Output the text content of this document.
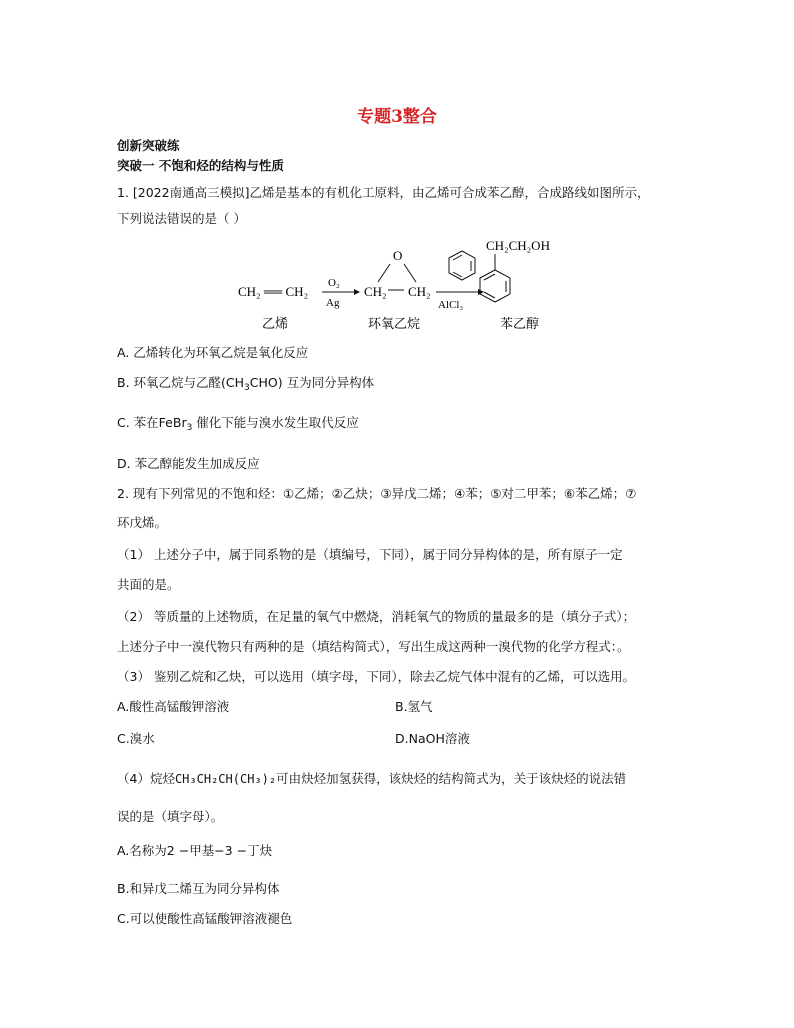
专题3整合
创新突破练
突破一 不饱和烃的结构与性质
1. [2022南通高三模拟]乙烯是基本的有机化工原料，由乙烯可合成苯乙醇，合成路线如图所示，
下列说法错误的是（ ）
CH₂ ══ CH₂
O₂
Ag
O
CH₂ CH₂
AlCl₃
CH₂CH₂OH
乙烯	环氧乙烷	苯乙醇
A. 乙烯转化为环氧乙烷是氧化反应
B. 环氧乙烷与乙醛$(CH_3CHO)$ 互为同分异构体
C. 苯在FeBr$_3$ 催化下能与溴水发生取代反应
D. 苯乙醇能发生加成反应
2. 现有下列常见的不饱和烃：①乙烯；②乙炔；③异戊二烯；④苯；⑤对二甲苯；⑥苯乙烯；⑦
环戊烯。
（1） 上述分子中，属于同系物的是（填编号，下同），属于同分异构体的是，所有原子一定
共面的是。
（2） 等质量的上述物质，在足量的氧气中燃烧，消耗氧气的物质的量最多的是（填分子式）；
上述分子中一溴代物只有两种的是（填结构简式），写出生成这两种一溴代物的化学方程式：。
（3） 鉴别乙烷和乙炔，可以选用（填字母，下同），除去乙烷气体中混有的乙烯，可以选用。
A.酸性高锰酸钾溶液	B.氢气
C.溴水	D.NaOH溶液
（4）烷烃CH₃CH₂CH(CH₃)₂可由炔烃加氢获得，该炔烃的结构简式为，关于该炔烃的说法错
误的是（填字母）。
A.名称为2 −甲基−3 −丁炔
B.和异戊二烯互为同分异构体
C.可以使酸性高锰酸钾溶液褪色
